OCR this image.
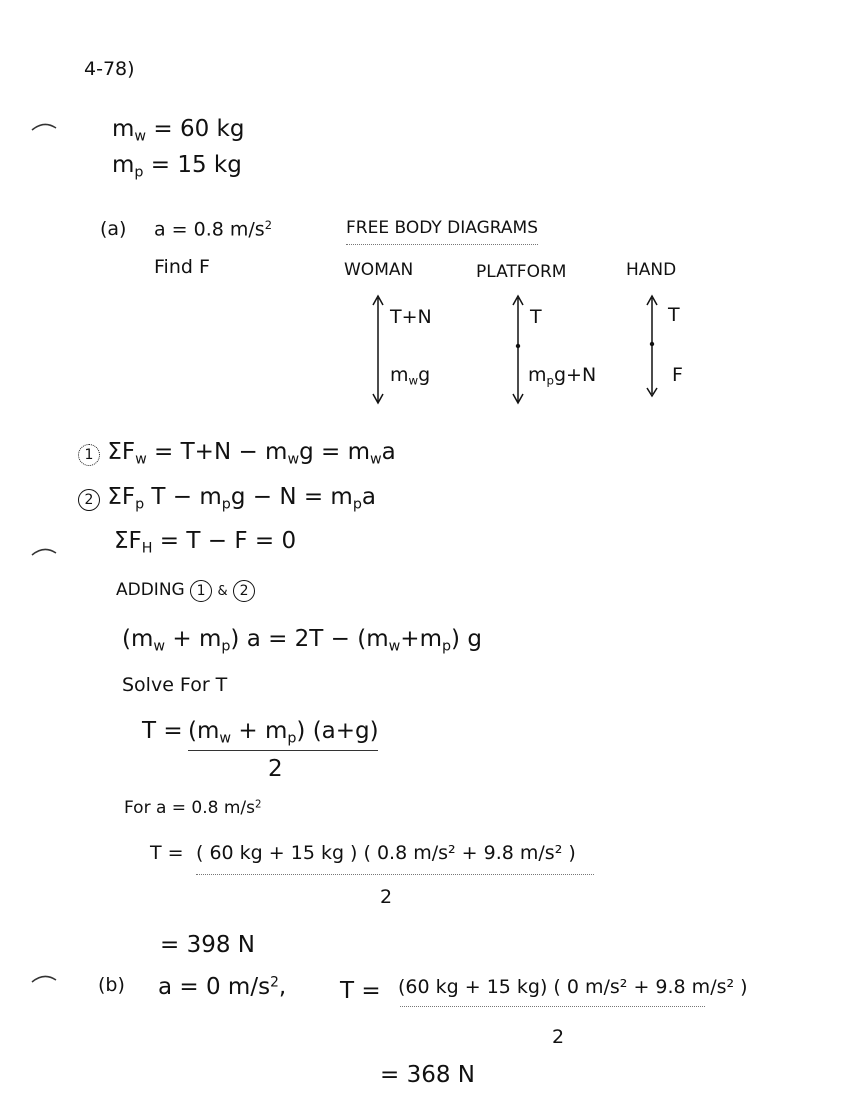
4-78)
$m_w = 60$ kg
$m_p = 15$ kg
(a) a = 0.8 $m/s^2$
Find F
FREE BODY DIAGRAMS
WOMAN	PLATFORM	HAND
T+N
$m_wg$
T
$m_pg+N$
T
F
1 $\Sigma F_w = T+N - m_wg = m_wa$
2 $\Sigma F_p$ $T - m_pg - N = m_pa$
$\Sigma F_H = T - F = 0$
ADDING 1 & 2
$(m_w + m_p) a = 2T - (m_w+m_p)$ g
Solve For T
$T = (m_w + m_p)$ (a+g)
2
For a = 0.8 $m/s^2$
T = ( 60 kg + 15 kg ) ( 0.8 m/s² + 9.8 m/s² )
2
= 398 N
(b) a = 0 $m/s^2$, T = (60 kg + 15 kg) ( 0 m/s² + 9.8 m/s² )
2
= 368 N
